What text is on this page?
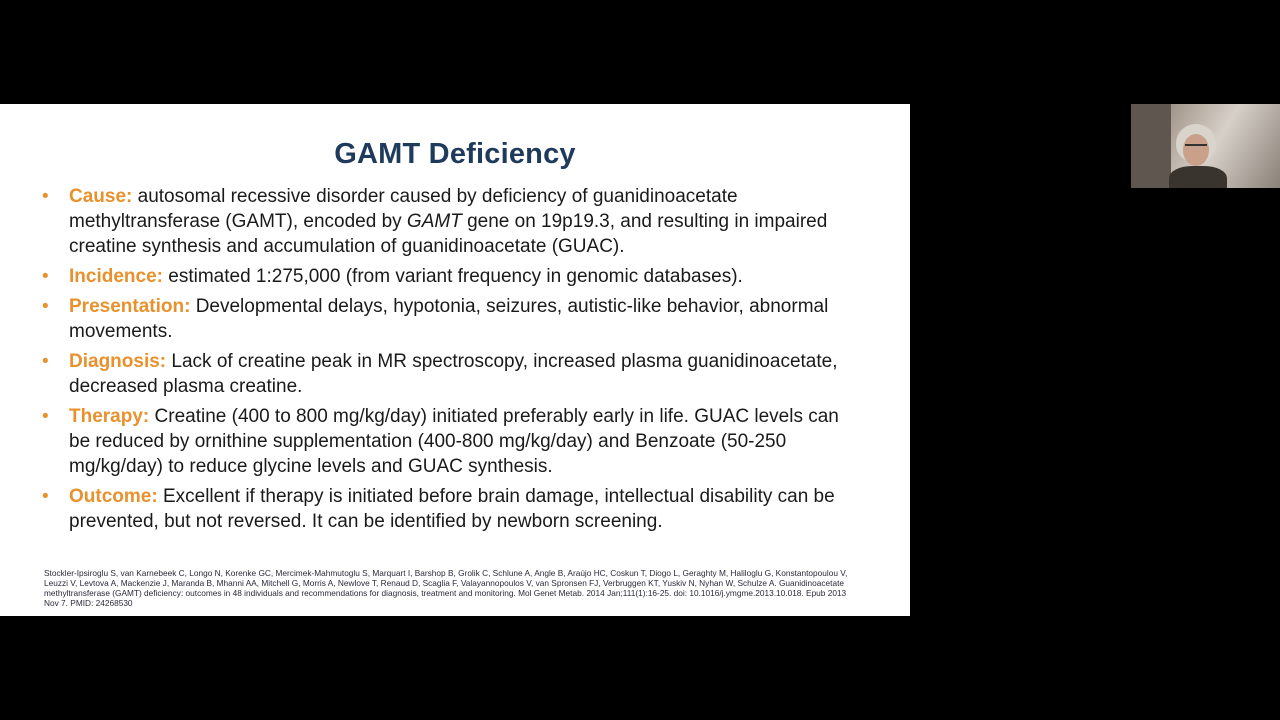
GAMT Deficiency
• Cause: autosomal recessive disorder caused by deficiency of guanidinoacetate methyltransferase (GAMT), encoded by GAMT gene on 19p19.3, and resulting in impaired creatine synthesis and accumulation of guanidinoacetate (GUAC).
• Incidence: estimated 1:275,000 (from variant frequency in genomic databases).
• Presentation: Developmental delays, hypotonia, seizures, autistic-like behavior, abnormal movements.
• Diagnosis: Lack of creatine peak in MR spectroscopy, increased plasma guanidinoacetate, decreased plasma creatine.
• Therapy: Creatine (400 to 800 mg/kg/day) initiated preferably early in life. GUAC levels can be reduced by ornithine supplementation (400-800 mg/kg/day) and Benzoate (50-250 mg/kg/day) to reduce glycine levels and GUAC synthesis.
• Outcome: Excellent if therapy is initiated before brain damage, intellectual disability can be prevented, but not reversed. It can be identified by newborn screening.
Stockler-Ipsiroglu S, van Karnebeek C, Longo N, Korenke GC, Mercimek-Mahmutoglu S, Marquart I, Barshop B, Grolik C, Schlune A, Angle B, Araújo HC, Coskun T, Diogo L, Geraghty M, Haliloglu G, Konstantopoulou V, Leuzzi V, Levtova A, Mackenzie J, Maranda B, Mhanni AA, Mitchell G, Morris A, Newlove T, Renaud D, Scaglia F, Valayannopoulos V, van Spronsen FJ, Verbruggen KT, Yuskiv N, Nyhan W, Schulze A. Guanidinoacetate methyltransferase (GAMT) deficiency: outcomes in 48 individuals and recommendations for diagnosis, treatment and monitoring. Mol Genet Metab. 2014 Jan;111(1):16-25. doi: 10.1016/j.ymgme.2013.10.018. Epub 2013 Nov 7. PMID: 24268530
